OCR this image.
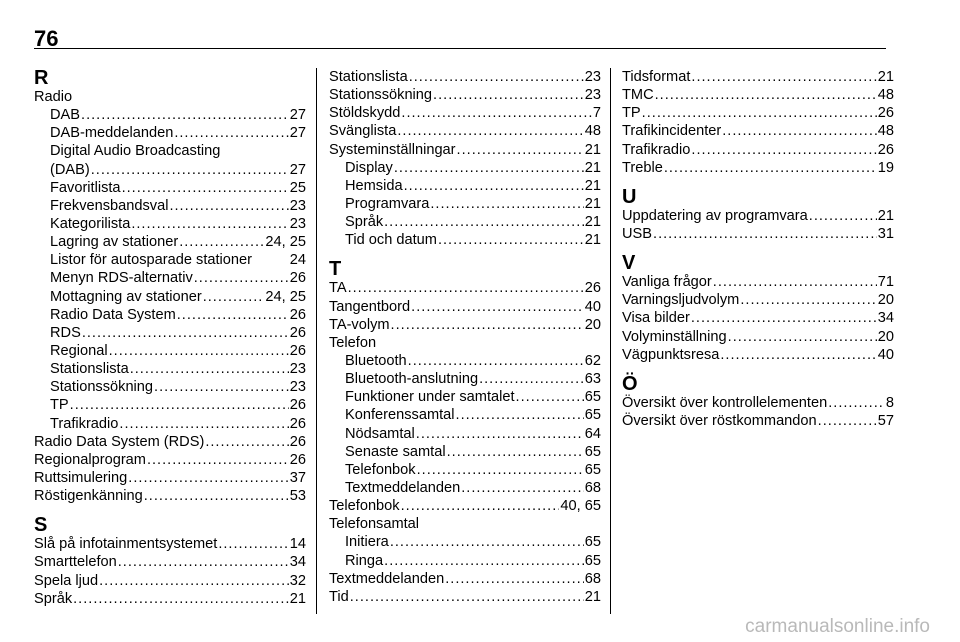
76
R
Radio
DAB .....	27
DAB-meddelanden .....	27
Digital Audio Broadcasting
(DAB) .....	27
Favoritlista .....	25
Frekvensbandsval .....	23
Kategorilista .....	23
Lagring av stationer .....	24, 25
Listor för autosparade stationer	24
Menyn RDS-alternativ .....	26
Mottagning av stationer .....	24, 25
Radio Data System .....	26
RDS .....	26
Regional .....	26
Stationslista .....	23
Stationssökning .....	23
TP .....	26
Trafikradio .....	26
Radio Data System (RDS) .....	26
Regionalprogram .....	26
Ruttsimulering .....	37
Röstigenkänning .....	53
S
Slå på infotainmentsystemet .....	14
Smarttelefon .....	34
Spela ljud .....	32
Språk .....	21
Stationslista .....	23
Stationssökning .....	23
Stöldskydd .....	7
Svänglista .....	48
Systeminställningar .....	21
Display .....	21
Hemsida .....	21
Programvara .....	21
Språk .....	21
Tid och datum .....	21
T
TA .....	26
Tangentbord .....	40
TA-volym .....	20
Telefon
Bluetooth .....	62
Bluetooth-anslutning .....	63
Funktioner under samtalet .....	65
Konferenssamtal .....	65
Nödsamtal .....	64
Senaste samtal .....	65
Telefonbok .....	65
Textmeddelanden .....	68
Telefonbok .....	40, 65
Telefonsamtal
Initiera .....	65
Ringa .....	65
Textmeddelanden .....	68
Tid .....	21
Tidsformat .....	21
TMC .....	48
TP .....	26
Trafikincidenter .....	48
Trafikradio .....	26
Treble .....	19
U
Uppdatering av programvara .....	21
USB .....	31
V
Vanliga frågor .....	71
Varningsljudvolym .....	20
Visa bilder .....	34
Volyminställning .....	20
Vägpunktsresa .....	40
Ö
Översikt över kontrollelementen .....	8
Översikt över röstkommandon .....	57
carmanualsonline.info
